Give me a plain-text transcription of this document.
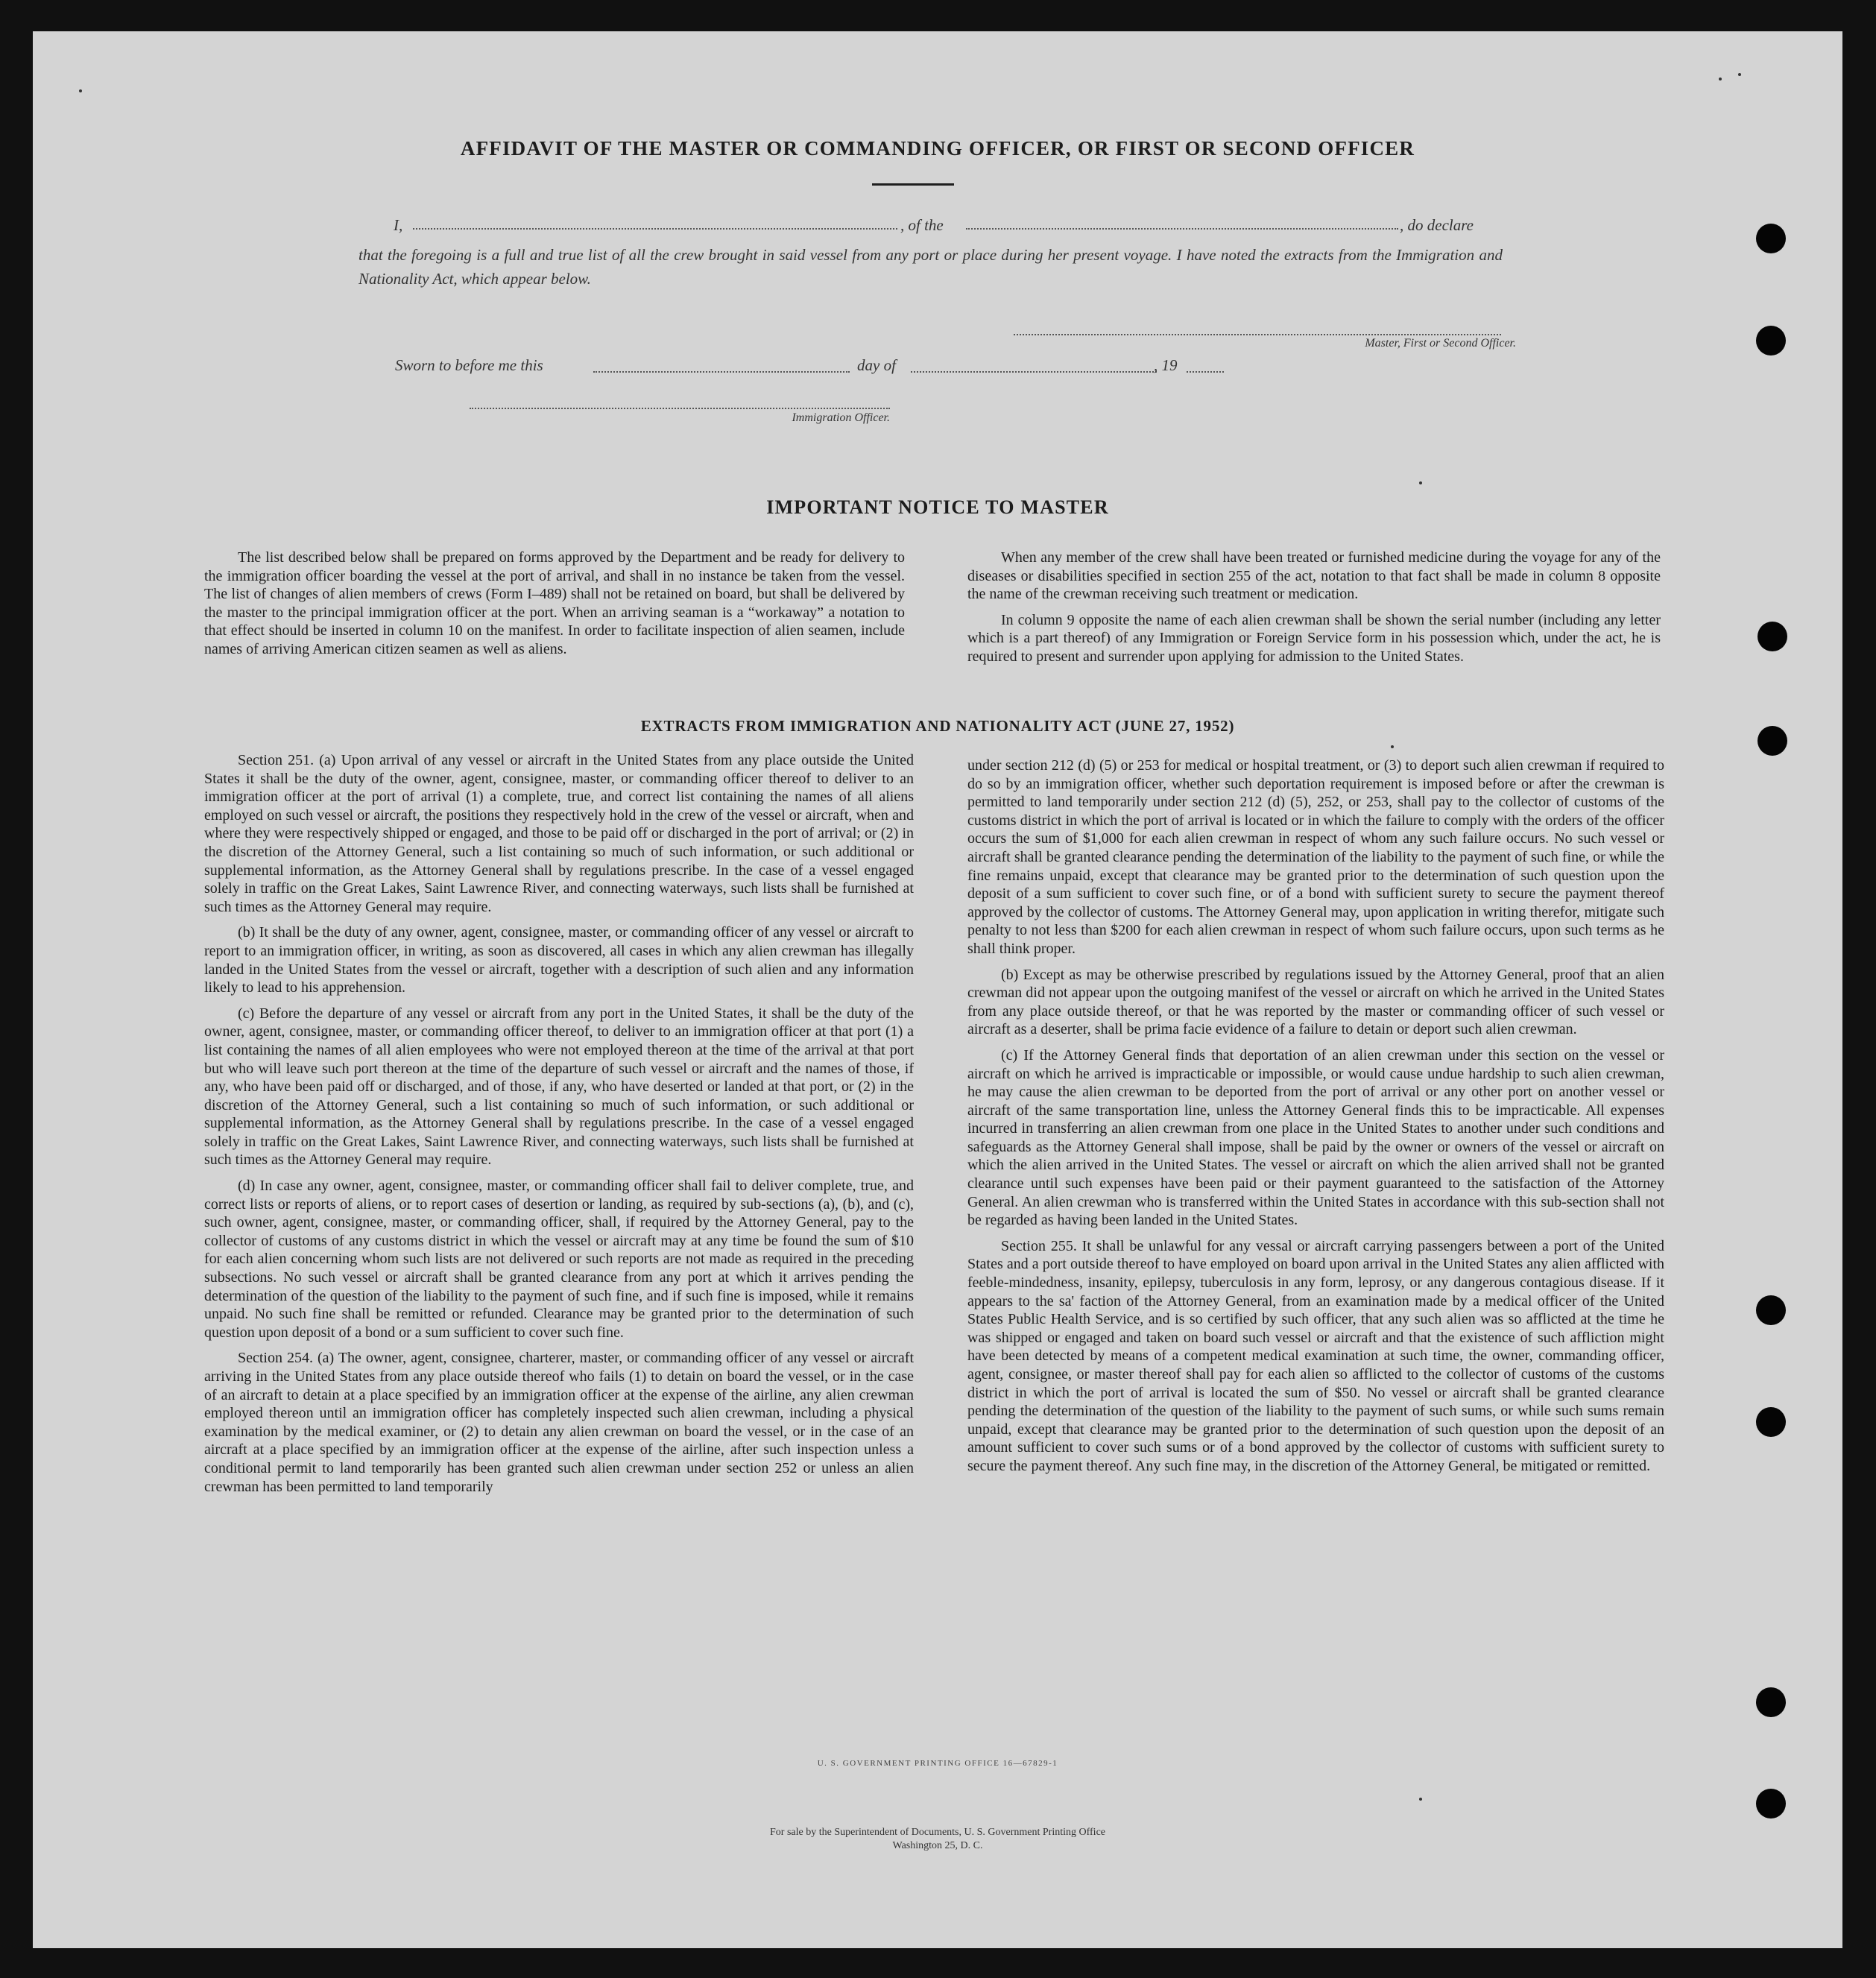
AFFIDAVIT OF THE MASTER OR COMMANDING OFFICER, OR FIRST OR SECOND OFFICER
I,	, of the	, do declare
that the foregoing is a full and true list of all the crew brought in said vessel from any port or place during her present voyage. I have noted the extracts from the Immigration and Nationality Act, which appear below.
Master, First or Second Officer.
Sworn to before me this	day of	, 19
Immigration Officer.
IMPORTANT NOTICE TO MASTER

The list described below shall be prepared on forms approved by the Department and be ready for delivery to the immigration officer boarding the vessel at the port of arrival, and shall in no instance be taken from the vessel. The list of changes of alien members of crews (Form I–489) shall not be retained on board, but shall be delivered by the master to the principal immigration officer at the port. When an arriving seaman is a “workaway” a notation to that effect should be inserted in column 10 on the manifest. In order to facilitate inspection of alien seamen, include names of arriving American citizen seamen as well as aliens.

When any member of the crew shall have been treated or furnished medicine during the voyage for any of the diseases or disabilities specified in section 255 of the act, notation to that fact shall be made in column 8 opposite the name of the crewman receiving such treatment or medication.

In column 9 opposite the name of each alien crewman shall be shown the serial number (including any letter which is a part thereof) of any Immigration or Foreign Service form in his possession which, under the act, he is required to present and surrender upon applying for admission to the United States.

EXTRACTS FROM IMMIGRATION AND NATIONALITY ACT (JUNE 27, 1952)

Section 251. (a) Upon arrival of any vessel or aircraft in the United States from any place outside the United States it shall be the duty of the owner, agent, consignee, master, or commanding officer thereof to deliver to an immigration officer at the port of arrival (1) a complete, true, and correct list containing the names of all aliens employed on such vessel or aircraft, the positions they respectively hold in the crew of the vessel or aircraft, when and where they were respectively shipped or engaged, and those to be paid off or discharged in the port of arrival; or (2) in the discretion of the Attorney General, such a list containing so much of such information, or such additional or supplemental information, as the Attorney General shall by regulations prescribe. In the case of a vessel engaged solely in traffic on the Great Lakes, Saint Lawrence River, and connecting waterways, such lists shall be furnished at such times as the Attorney General may require.

(b) It shall be the duty of any owner, agent, consignee, master, or commanding officer of any vessel or aircraft to report to an immigration officer, in writing, as soon as discovered, all cases in which any alien crewman has illegally landed in the United States from the vessel or aircraft, together with a description of such alien and any information likely to lead to his apprehension.

(c) Before the departure of any vessel or aircraft from any port in the United States, it shall be the duty of the owner, agent, consignee, master, or commanding officer thereof, to deliver to an immigration officer at that port (1) a list containing the names of all alien employees who were not employed thereon at the time of the arrival at that port but who will leave such port thereon at the time of the departure of such vessel or aircraft and the names of those, if any, who have been paid off or discharged, and of those, if any, who have deserted or landed at that port, or (2) in the discretion of the Attorney General, such a list containing so much of such information, or such additional or supplemental information, as the Attorney General shall by regulations prescribe. In the case of a vessel engaged solely in traffic on the Great Lakes, Saint Lawrence River, and connecting waterways, such lists shall be furnished at such times as the Attorney General may require.

(d) In case any owner, agent, consignee, master, or commanding officer shall fail to deliver complete, true, and correct lists or reports of aliens, or to report cases of desertion or landing, as required by sub-sections (a), (b), and (c), such owner, agent, consignee, master, or commanding officer, shall, if required by the Attorney General, pay to the collector of customs of any customs district in which the vessel or aircraft may at any time be found the sum of $10 for each alien concerning whom such lists are not delivered or such reports are not made as required in the preceding subsections. No such vessel or aircraft shall be granted clearance from any port at which it arrives pending the determination of the question of the liability to the payment of such fine, and if such fine is imposed, while it remains unpaid. No such fine shall be remitted or refunded. Clearance may be granted prior to the determination of such question upon deposit of a bond or a sum sufficient to cover such fine.

Section 254. (a) The owner, agent, consignee, charterer, master, or commanding officer of any vessel or aircraft arriving in the United States from any place outside thereof who fails (1) to detain on board the vessel, or in the case of an aircraft to detain at a place specified by an immigration officer at the expense of the airline, any alien crewman employed thereon until an immigration officer has completely inspected such alien crewman, including a physical examination by the medical examiner, or (2) to detain any alien crewman on board the vessel, or in the case of an aircraft at a place specified by an immigration officer at the expense of the airline, after such inspection unless a conditional permit to land temporarily has been granted such alien crewman under section 252 or unless an alien crewman has been permitted to land temporarily

under section 212 (d) (5) or 253 for medical or hospital treatment, or (3) to deport such alien crewman if required to do so by an immigration officer, whether such deportation requirement is imposed before or after the crewman is permitted to land temporarily under section 212 (d) (5), 252, or 253, shall pay to the collector of customs of the customs district in which the port of arrival is located or in which the failure to comply with the orders of the officer occurs the sum of $1,000 for each alien crewman in respect of whom any such failure occurs. No such vessel or aircraft shall be granted clearance pending the determination of the liability to the payment of such fine, or while the fine remains unpaid, except that clearance may be granted prior to the determination of such question upon the deposit of a sum sufficient to cover such fine, or of a bond with sufficient surety to secure the payment thereof approved by the collector of customs. The Attorney General may, upon application in writing therefor, mitigate such penalty to not less than $200 for each alien crewman in respect of whom such failure occurs, upon such terms as he shall think proper.

(b) Except as may be otherwise prescribed by regulations issued by the Attorney General, proof that an alien crewman did not appear upon the outgoing manifest of the vessel or aircraft on which he arrived in the United States from any place outside thereof, or that he was reported by the master or commanding officer of such vessel or aircraft as a deserter, shall be prima facie evidence of a failure to detain or deport such alien crewman.

(c) If the Attorney General finds that deportation of an alien crewman under this section on the vessel or aircraft on which he arrived is impracticable or impossible, or would cause undue hardship to such alien crewman, he may cause the alien crewman to be deported from the port of arrival or any other port on another vessel or aircraft of the same transportation line, unless the Attorney General finds this to be impracticable. All expenses incurred in transferring an alien crewman from one place in the United States to another under such conditions and safeguards as the Attorney General shall impose, shall be paid by the owner or owners of the vessel or aircraft on which the alien arrived in the United States. The vessel or aircraft on which the alien arrived shall not be granted clearance until such expenses have been paid or their payment guaranteed to the satisfaction of the Attorney General. An alien crewman who is transferred within the United States in accordance with this sub-section shall not be regarded as having been landed in the United States.

Section 255. It shall be unlawful for any vessal or aircraft carrying passengers between a port of the United States and a port outside thereof to have employed on board upon arrival in the United States any alien afflicted with feeble-mindedness, insanity, epilepsy, tuberculosis in any form, leprosy, or any dangerous contagious disease. If it appears to the sa' faction of the Attorney General, from an examination made by a medical officer of the United States Public Health Service, and is so certified by such officer, that any such alien was so afflicted at the time he was shipped or engaged and taken on board such vessel or aircraft and that the existence of such affliction might have been detected by means of a competent medical examination at such time, the owner, commanding officer, agent, consignee, or master thereof shall pay for each alien so afflicted to the collector of customs of the customs district in which the port of arrival is located the sum of $50. No vessel or aircraft shall be granted clearance pending the determination of the question of the liability to the payment of such sums, or while such sums remain unpaid, except that clearance may be granted prior to the determination of such question upon the deposit of an amount sufficient to cover such sums or of a bond approved by the collector of customs with sufficient surety to secure the payment thereof. Any such fine may, in the discretion of the Attorney General, be mitigated or remitted.

U. S. GOVERNMENT PRINTING OFFICE 16—67829-1
For sale by the Superintendent of Documents, U. S. Government Printing Office
Washington 25, D. C.
